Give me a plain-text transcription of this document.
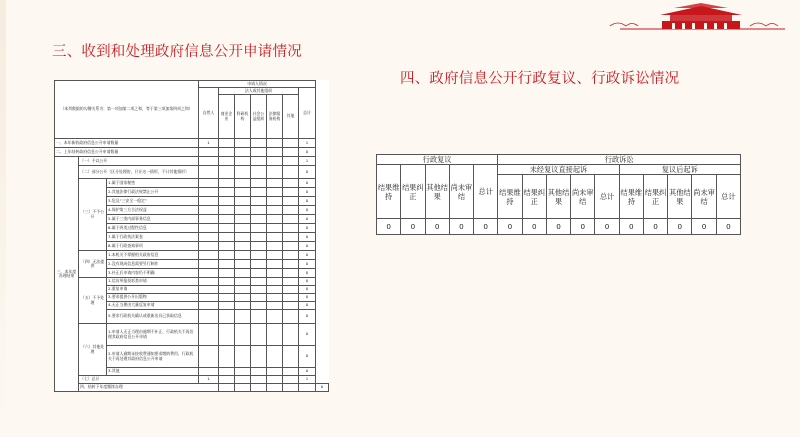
三、收到和处理政府信息公开申请情况
四、政府信息公开行政复议、行政诉讼情况
（本列数据的勾稽关系为：第一项加第二项之和，等于第三项加第四项之和）			申请人情况							
			自然人	法人或其他组织					总计	
				商业企业	科研机构	社会公益组织	法律服务机构	其他		
一、本年新收政府信息公开申请数量			1						1	
二、上年结转政府信息公开申请数量									0	
三、本年度办理结果	（一）予以公开								1	
	（二）部分公开（区分处理的，只计这一情形，不计其他情形）								0	
	（三）不予公开	1.属于国家秘密							0	
		2.其他法律行政法规禁止公开							0	
		3.危及“三安全一稳定”							0	
		4.保护第三方合法权益							0	
		5.属于三类内部事务信息							0	
		6.属于四类过程性信息							0	
		7.属于行政执法案卷							0	
		8.属于行政查询事项							0	
	（四）无法提供	1.本机关不掌握相关政府信息							0	
		2.没有现成信息需要另行制作							0	
		3.补正后申请内容仍不明确							0	
	（五）不予处理	1.信访举报投诉类申请							0	
		2.重复申请							0	
		3.要求提供公开出版物							0	
		4.无正当理由大量反复申请							0	
		5.要求行政机关确认或重新出具已获取信息							0	
	（六）其他处理	1.申请人无正当理由逾期不补正、行政机关不再处理其政府信息公开申请							0	
		2.申请人逾期未按收费通知要求缴纳费用、行政机关不再处理其政府信息公开申请							0	
		3.其他							0	
	（七）总计		1						1	
	四、结转下年度继续办理									0
行政复议					行政诉讼									
结果维持	结果纠正	其他结果	尚未审结	总计	未经复议直接起诉					复议后起诉				
					结果维持	结果纠正	其他结果	尚未审结	总计	结果维持	结果纠正	其他结果	尚未审结	总计
0	0	0	0	0	0	0	0	0	0	0	0	0	0	0
